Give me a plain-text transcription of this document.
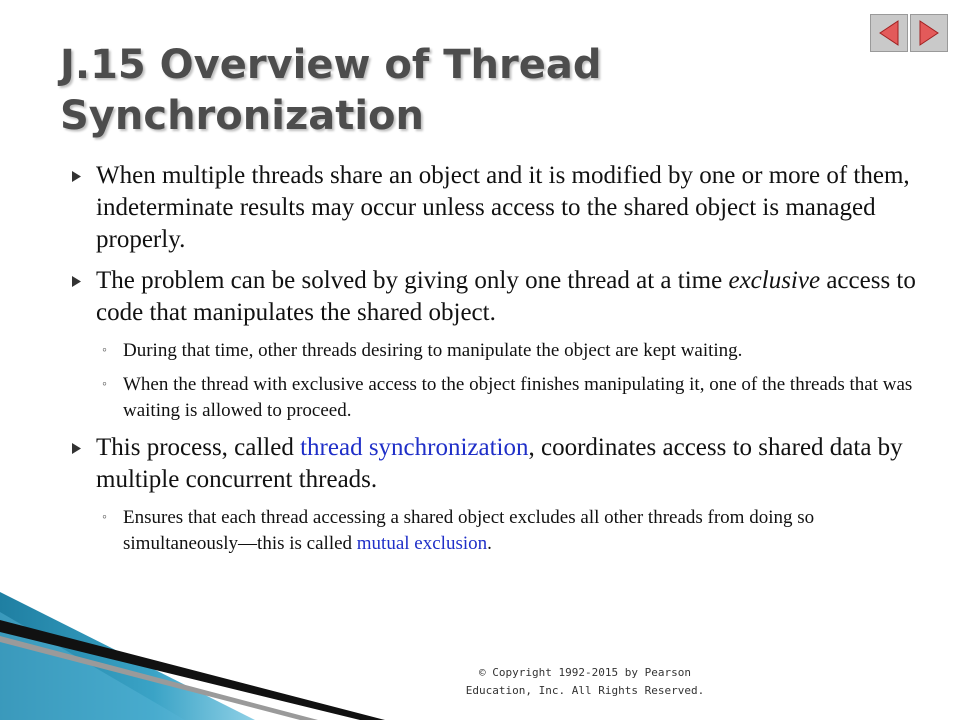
J.15 Overview of Thread
Synchronization
When multiple threads share an object and it is modified by one or more of them, indeterminate results may occur unless access to the shared object is managed properly.
The problem can be solved by giving only one thread at a time exclusive access to code that manipulates the shared object.
◦ During that time, other threads desiring to manipulate the object are kept waiting.
◦ When the thread with exclusive access to the object finishes manipulating it, one of the threads that was waiting is allowed to proceed.
This process, called thread synchronization, coordinates access to shared data by multiple concurrent threads.
◦ Ensures that each thread accessing a shared object excludes all other threads from doing so simultaneously—this is called mutual exclusion.
© Copyright 1992-2015 by Pearson
Education, Inc. All Rights Reserved.
